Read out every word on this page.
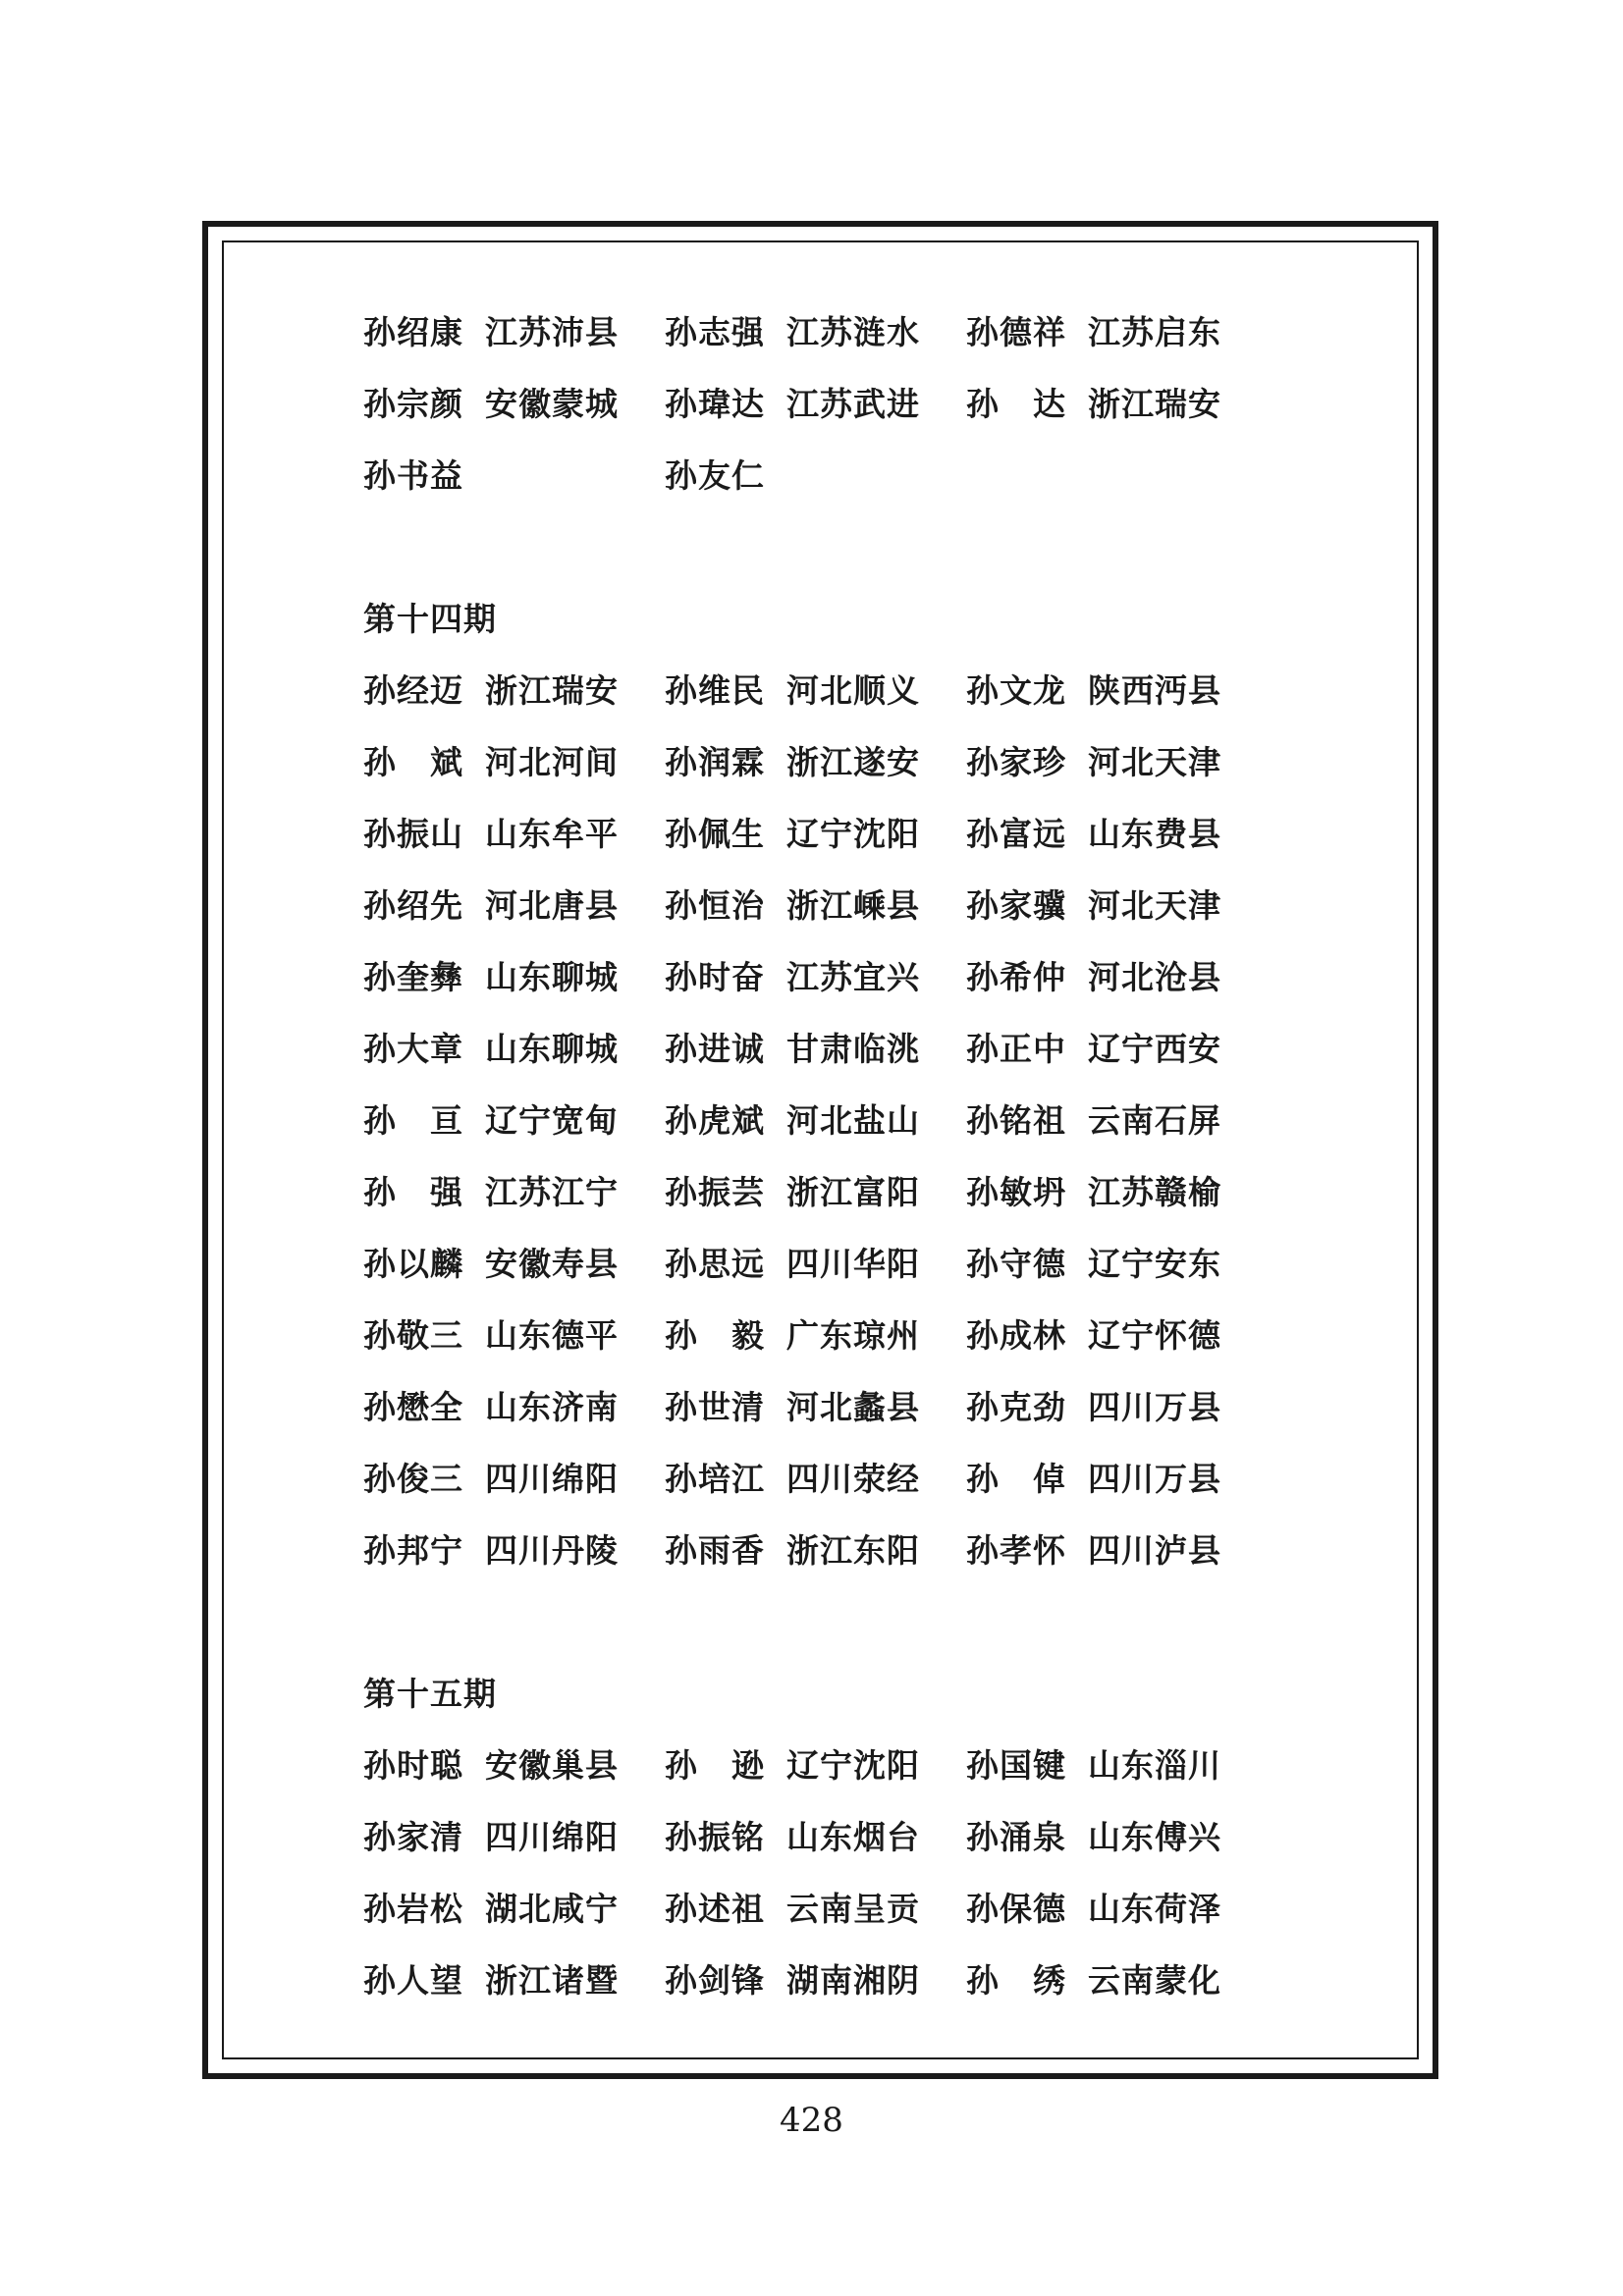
孙绍康 江苏沛县 孙志强 江苏涟水 孙德祥 江苏启东
孙宗颜 安徽蒙城 孙瑋达 江苏武进 孙　达 浙江瑞安
孙书益	孙友仁
第十四期
孙经迈 浙江瑞安 孙维民 河北顺义 孙文龙 陕西沔县
孙　斌 河北河间 孙润霖 浙江遂安 孙家珍 河北天津
孙振山 山东牟平 孙佩生 辽宁沈阳 孙富远 山东费县
孙绍先 河北唐县 孙恒治 浙江嵊县 孙家骥 河北天津
孙奎彝 山东聊城 孙时奋 江苏宜兴 孙希仲 河北沧县
孙大章 山东聊城 孙进诚 甘肃临洮 孙正中 辽宁西安
孙　亘 辽宁宽甸 孙虎斌 河北盐山 孙铭祖 云南石屏
孙　强 江苏江宁 孙振芸 浙江富阳 孙敏坍 江苏赣榆
孙以麟 安徽寿县 孙思远 四川华阳 孙守德 辽宁安东
孙敬三 山东德平 孙　毅 广东琼州 孙成林 辽宁怀德
孙懋全 山东济南 孙世清 河北蠡县 孙克劲 四川万县
孙俊三 四川绵阳 孙培江 四川荥经 孙　倬 四川万县
孙邦宁 四川丹陵 孙雨香 浙江东阳 孙孝怀 四川泸县
第十五期
孙时聪 安徽巢县 孙　逊 辽宁沈阳 孙国键 山东淄川
孙家清 四川绵阳 孙振铭 山东烟台 孙涌泉 山东傅兴
孙岩松 湖北咸宁 孙述祖 云南呈贡 孙保德 山东荷泽
孙人望 浙江诸暨 孙剑锋 湖南湘阴 孙　绣 云南蒙化
428
